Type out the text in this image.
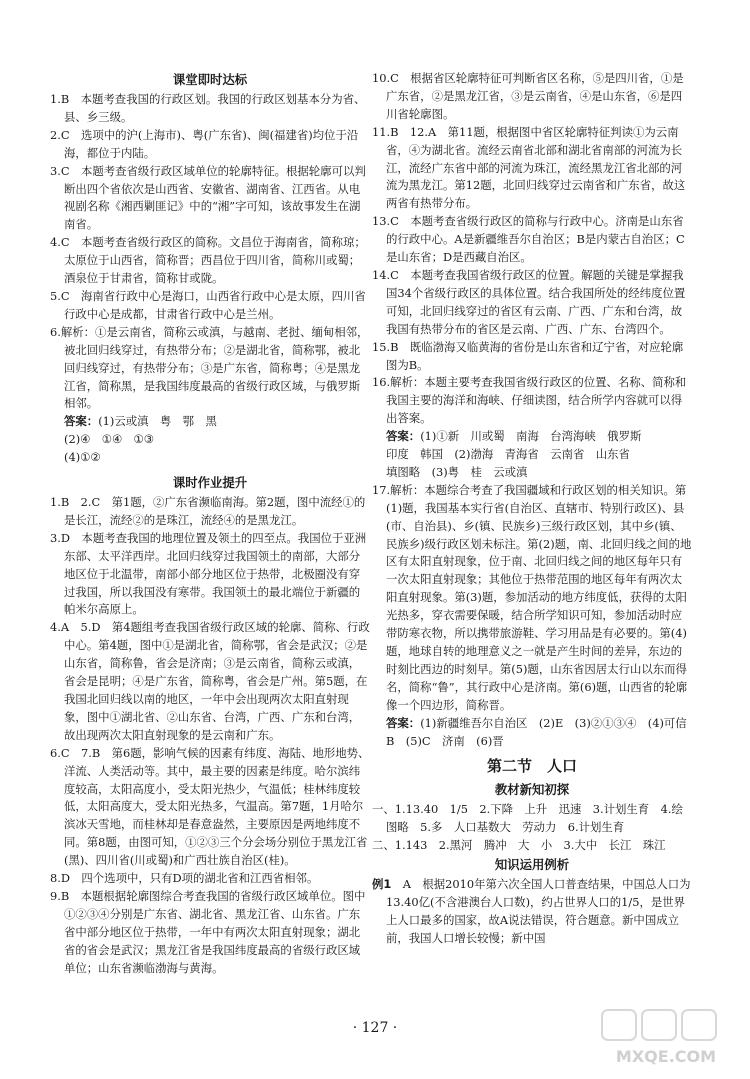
课堂即时达标
1.B　本题考查我国的行政区划。我国的行政区划基本分为省、县、乡三级。
2.C　选项中的沪(上海市)、粤(广东省)、闽(福建省)均位于沿海，都位于内陆。
3.C　本题考查省级行政区域单位的轮廓特征。根据轮廓可以判断出四个省依次是山西省、安徽省、湖南省、江西省。从电视剧名称《湘西剿匪记》中的“湘”字可知，该故事发生在湖南省。
4.C　本题考查省级行政区的简称。文昌位于海南省，简称琼；太原位于山西省，简称晋；西昌位于四川省，简称川或蜀；酒泉位于甘肃省，简称甘或陇。
5.C　海南省行政中心是海口，山西省行政中心是太原，四川省行政中心是成都，甘肃省行政中心是兰州。
6.解析：①是云南省，简称云或滇，与越南、老挝、缅甸相邻，被北回归线穿过，有热带分布；②是湖北省，简称鄂，被北回归线穿过，有热带分布；③是广东省，简称粤；④是黑龙江省，简称黑，是我国纬度最高的省级行政区域，与俄罗斯相邻。
答案：(1)云或滇　粤　鄂　黑
(2)④　①④　①③
(4)①②
课时作业提升
1.B　2.C　第1题，②广东省濒临南海。第2题，图中流经①的是长江，流经②的是珠江，流经④的是黑龙江。
3.D　本题考查我国的地理位置及领土的四至点。我国位于亚洲东部、太平洋西岸。北回归线穿过我国领土的南部，大部分地区位于北温带，南部小部分地区位于热带，北极圈没有穿过我国，所以我国没有寒带。我国领土的最北端位于新疆的帕米尔高原上。
4.A　5.D　第4题组考查我国省级行政区域的轮廓、简称、行政中心。第4题，图中①是湖北省，简称鄂，省会是武汉；②是山东省，简称鲁，省会是济南；③是云南省，简称云或滇，省会是昆明；④是广东省，简称粤，省会是广州。第5题，在我国北回归线以南的地区，一年中会出现两次太阳直射现象，图中①湖北省、②山东省、台湾，广西、广东和台湾，故出现两次太阳直射现象的是云南和广东。
6.C　7.B　第6题，影响气候的因素有纬度、海陆、地形地势、洋流、人类活动等。其中，最主要的因素是纬度。哈尔滨纬度较高，太阳高度小，受太阳光热少，气温低；桂林纬度较低，太阳高度大，受太阳光热多，气温高。第7题，1月哈尔滨冰天雪地，而桂林却是春意盎然，主要原因是两地纬度不同。第8题，由图可知，①②③三个分会场分别位于黑龙江省(黑)、四川省(川或蜀)和广西壮族自治区(桂)。
8.D　四个选项中，只有D项的湖北省和江西省相邻。
9.B　本题根据轮廓图综合考查我国的省级行政区域单位。图中①②③④分别是广东省、湖北省、黑龙江省、山东省。广东省中部分地区位于热带，一年中有两次太阳直射现象；湖北省的省会是武汉；黑龙江省是我国纬度最高的省级行政区域单位；山东省濒临渤海与黄海。
10.C　根据省区轮廓特征可判断省区名称，⑤是四川省，①是广东省，②是黑龙江省，③是云南省，④是山东省，⑥是四川省轮廓图。
11.B　12.A　第11题，根据图中省区轮廓特征判读①为云南省，④为湖北省。流经云南省北部和湖北省南部的河流为长江，流经广东省中部的河流为珠江，流经黑龙江省北部的河流为黑龙江。第12题，北回归线穿过云南省和广东省，故这两省有热带分布。
13.C　本题考查省级行政区的简称与行政中心。济南是山东省的行政中心。A是新疆维吾尔自治区；B是内蒙古自治区；C是山东省；D是西藏自治区。
14.C　本题考查我国省级行政区的位置。解题的关键是掌握我国34个省级行政区的具体位置。结合我国所处的经纬度位置可知，北回归线穿过的省区有云南、广西、广东和台湾，故我国有热带分布的省区是云南、广西、广东、台湾四个。
15.B　既临渤海又临黄海的省份是山东省和辽宁省，对应轮廓图为B。
16.解析：本题主要考查我国省级行政区的位置、名称、简称和我国主要的海洋和海峡、仔细读图，结合所学内容就可以得出答案。
答案：(1)①新　川或蜀　南海　台湾海峡　俄罗斯
印度　韩国　(2)渤海　青海省　云南省　山东省
填图略　(3)粤　桂　云或滇
17.解析：本题综合考查了我国疆域和行政区划的相关知识。第(1)题，我国基本实行省(自治区、直辖市、特别行政区)、县(市、自治县)、乡(镇、民族乡)三级行政区划，其中乡(镇、民族乡)级行政区划未标注。第(2)题，南、北回归线之间的地区有太阳直射现象，位于南、北回归线之间的地区每年只有一次太阳直射现象；其他位于热带范围的地区每年有两次太阳直射现象。第(3)题，参加活动的地方纬度低，获得的太阳光热多，穿衣需要保暖，结合所学知识可知，参加活动时应带防寒衣物，所以携带旅游鞋、学习用品是有必要的。第(4)题，地球自转的地理意义之一就是产生时间的差异，东边的时刻比西边的时刻早。第(5)题，山东省因居太行山以东而得名，简称“鲁”，其行政中心是济南。第(6)题，山西省的轮廓像一个四边形，简称晋。
答案：(1)新疆维吾尔自治区　(2)E　(3)②①③④　(4)可信
B　(5)C　济南　(6)晋
第二节　人口
教材新知初探
一、1.13.40　1/5　2.下降　上升　迅速　3.计划生育　4.绘图略　5.多　人口基数大　劳动力　6.计划生育
二、1.143　2.黑河　腾冲　大　小　3.大中　长江　珠江
知识运用例析
例1　A　根据2010年第六次全国人口普查结果，中国总人口为13.40亿(不含港澳台人口数)，约占世界人口的1/5，是世界上人口最多的国家，故A说法错误，符合题意。新中国成立前，我国人口增长较慢；新中国
· 127 ·
MXQE.COM
